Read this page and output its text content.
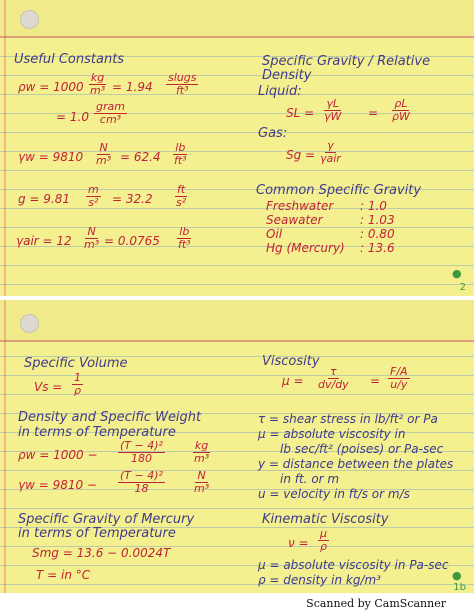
Useful Constants
$\rho w = 1000 \frac{kg}{\text{m³}} = 1.94$
slugs
ft³
= 1.0
gram
cm³
$\gamma w = 9810 \frac{N}{\text{m³}} = 62.4 \frac{lb}{\text{ft³}}$
$g = 9.81 \frac{m}{\text{s²}} = 32.2 \frac{ft}{\text{s²}}$
$\gamma air = 12 \frac{N}{\text{m³}} = 0.0765 \frac{lb}{\text{ft³}}$
Specific Gravity / Relative
Density
Liquid:
SL = $\frac{\gamma L}{\gamma W} = \frac{\rho L}{\rho W}$
Gas:
Sg =
γ
γair
Common Specific Gravity
Freshwater : 1.0
Seawater	: 1.03
Oil	: 0.80
Hg (Mercury) : 13.6
●
2
Specific Volume
$Vs = \frac{1}{\rho}$
Density and Specific Weight
in terms of Temperature
$\rho w = 1000 - \frac{\text{(T − 4)²}}{180} \frac{kg}{\text{m³}}$
$\gamma w = 9810 - \frac{\text{(T − 4)²}}{18} \frac{N}{\text{m³}}$
Specific Gravity of Mercury
in terms of Temperature
Smg = 13.6 − 0.0024T
T = in °C
Viscosity
$\mu = \frac{\tau}{dv/dy} = \frac{F/A}{u/y}$
τ = shear stress in lb/ft² or Pa
μ = absolute viscosity in
lb sec/ft² (poises) or Pa-sec
y = distance between the plates
in ft. or m
u = velocity in ft/s or m/s
Kinematic Viscosity
$\nu = \frac{\mu}{\rho}$
μ = absolute viscosity in Pa-sec
ρ = density in kg/m³	●
1b
Scanned by CamScanner
